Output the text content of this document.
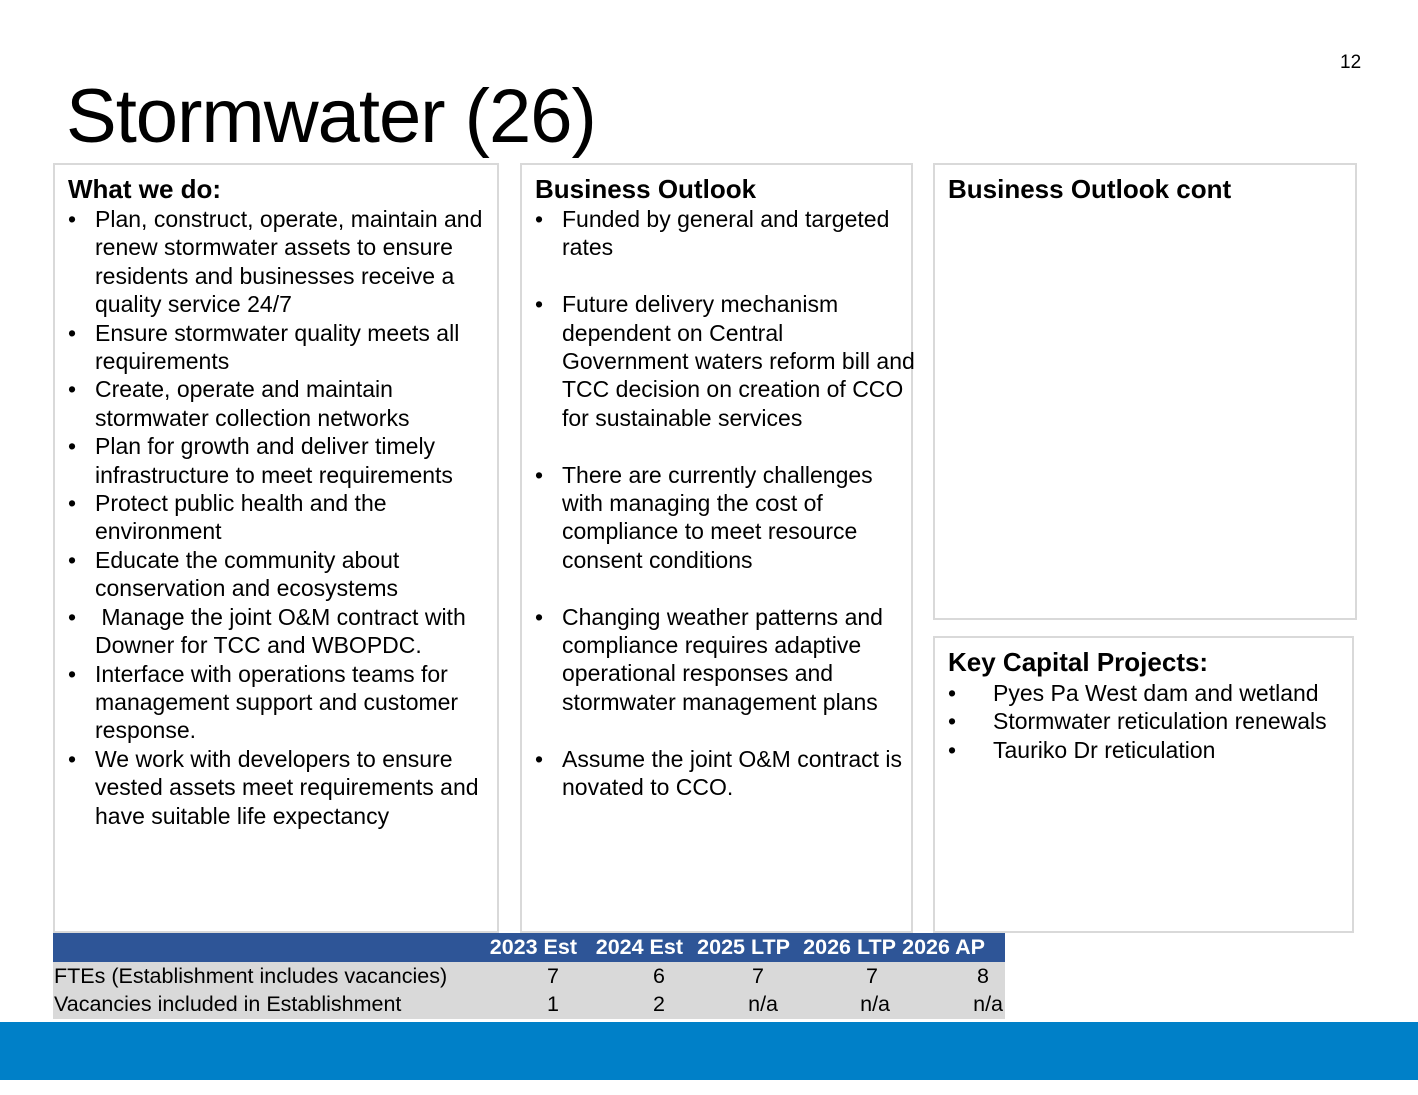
12
Stormwater (26)
What we do:
• Plan, construct, operate, maintain and renew stormwater assets to ensure residents and businesses receive a quality service 24/7
• Ensure stormwater quality meets all requirements
• Create, operate and maintain stormwater collection networks
• Plan for growth and deliver timely infrastructure to meet requirements
• Protect public health and the environment
• Educate the community about conservation and ecosystems
•  Manage the joint O&M contract with Downer for TCC and WBOPDC.
• Interface with operations teams for management support and customer response.
• We work with developers to ensure vested assets meet requirements and have suitable life expectancy
Business Outlook
• Funded by general and targeted rates
• Future delivery mechanism dependent on Central Government waters reform bill and TCC decision on creation of CCO for sustainable services
• There are currently challenges with managing the cost of compliance to meet resource consent conditions
• Changing weather patterns and compliance requires adaptive operational responses and stormwater management plans
• Assume the joint O&M contract is novated to CCO.
Business Outlook cont
Key Capital Projects:
• Pyes Pa West dam and wetland
• Stormwater reticulation renewals
• Tauriko Dr reticulation
	2023 Est	2024 Est	2025 LTP	2026 LTP	2026 AP
FTEs (Establishment includes vacancies)	7	6	7	7	8
Vacancies included in Establishment	1	2	n/a	n/a	n/a
